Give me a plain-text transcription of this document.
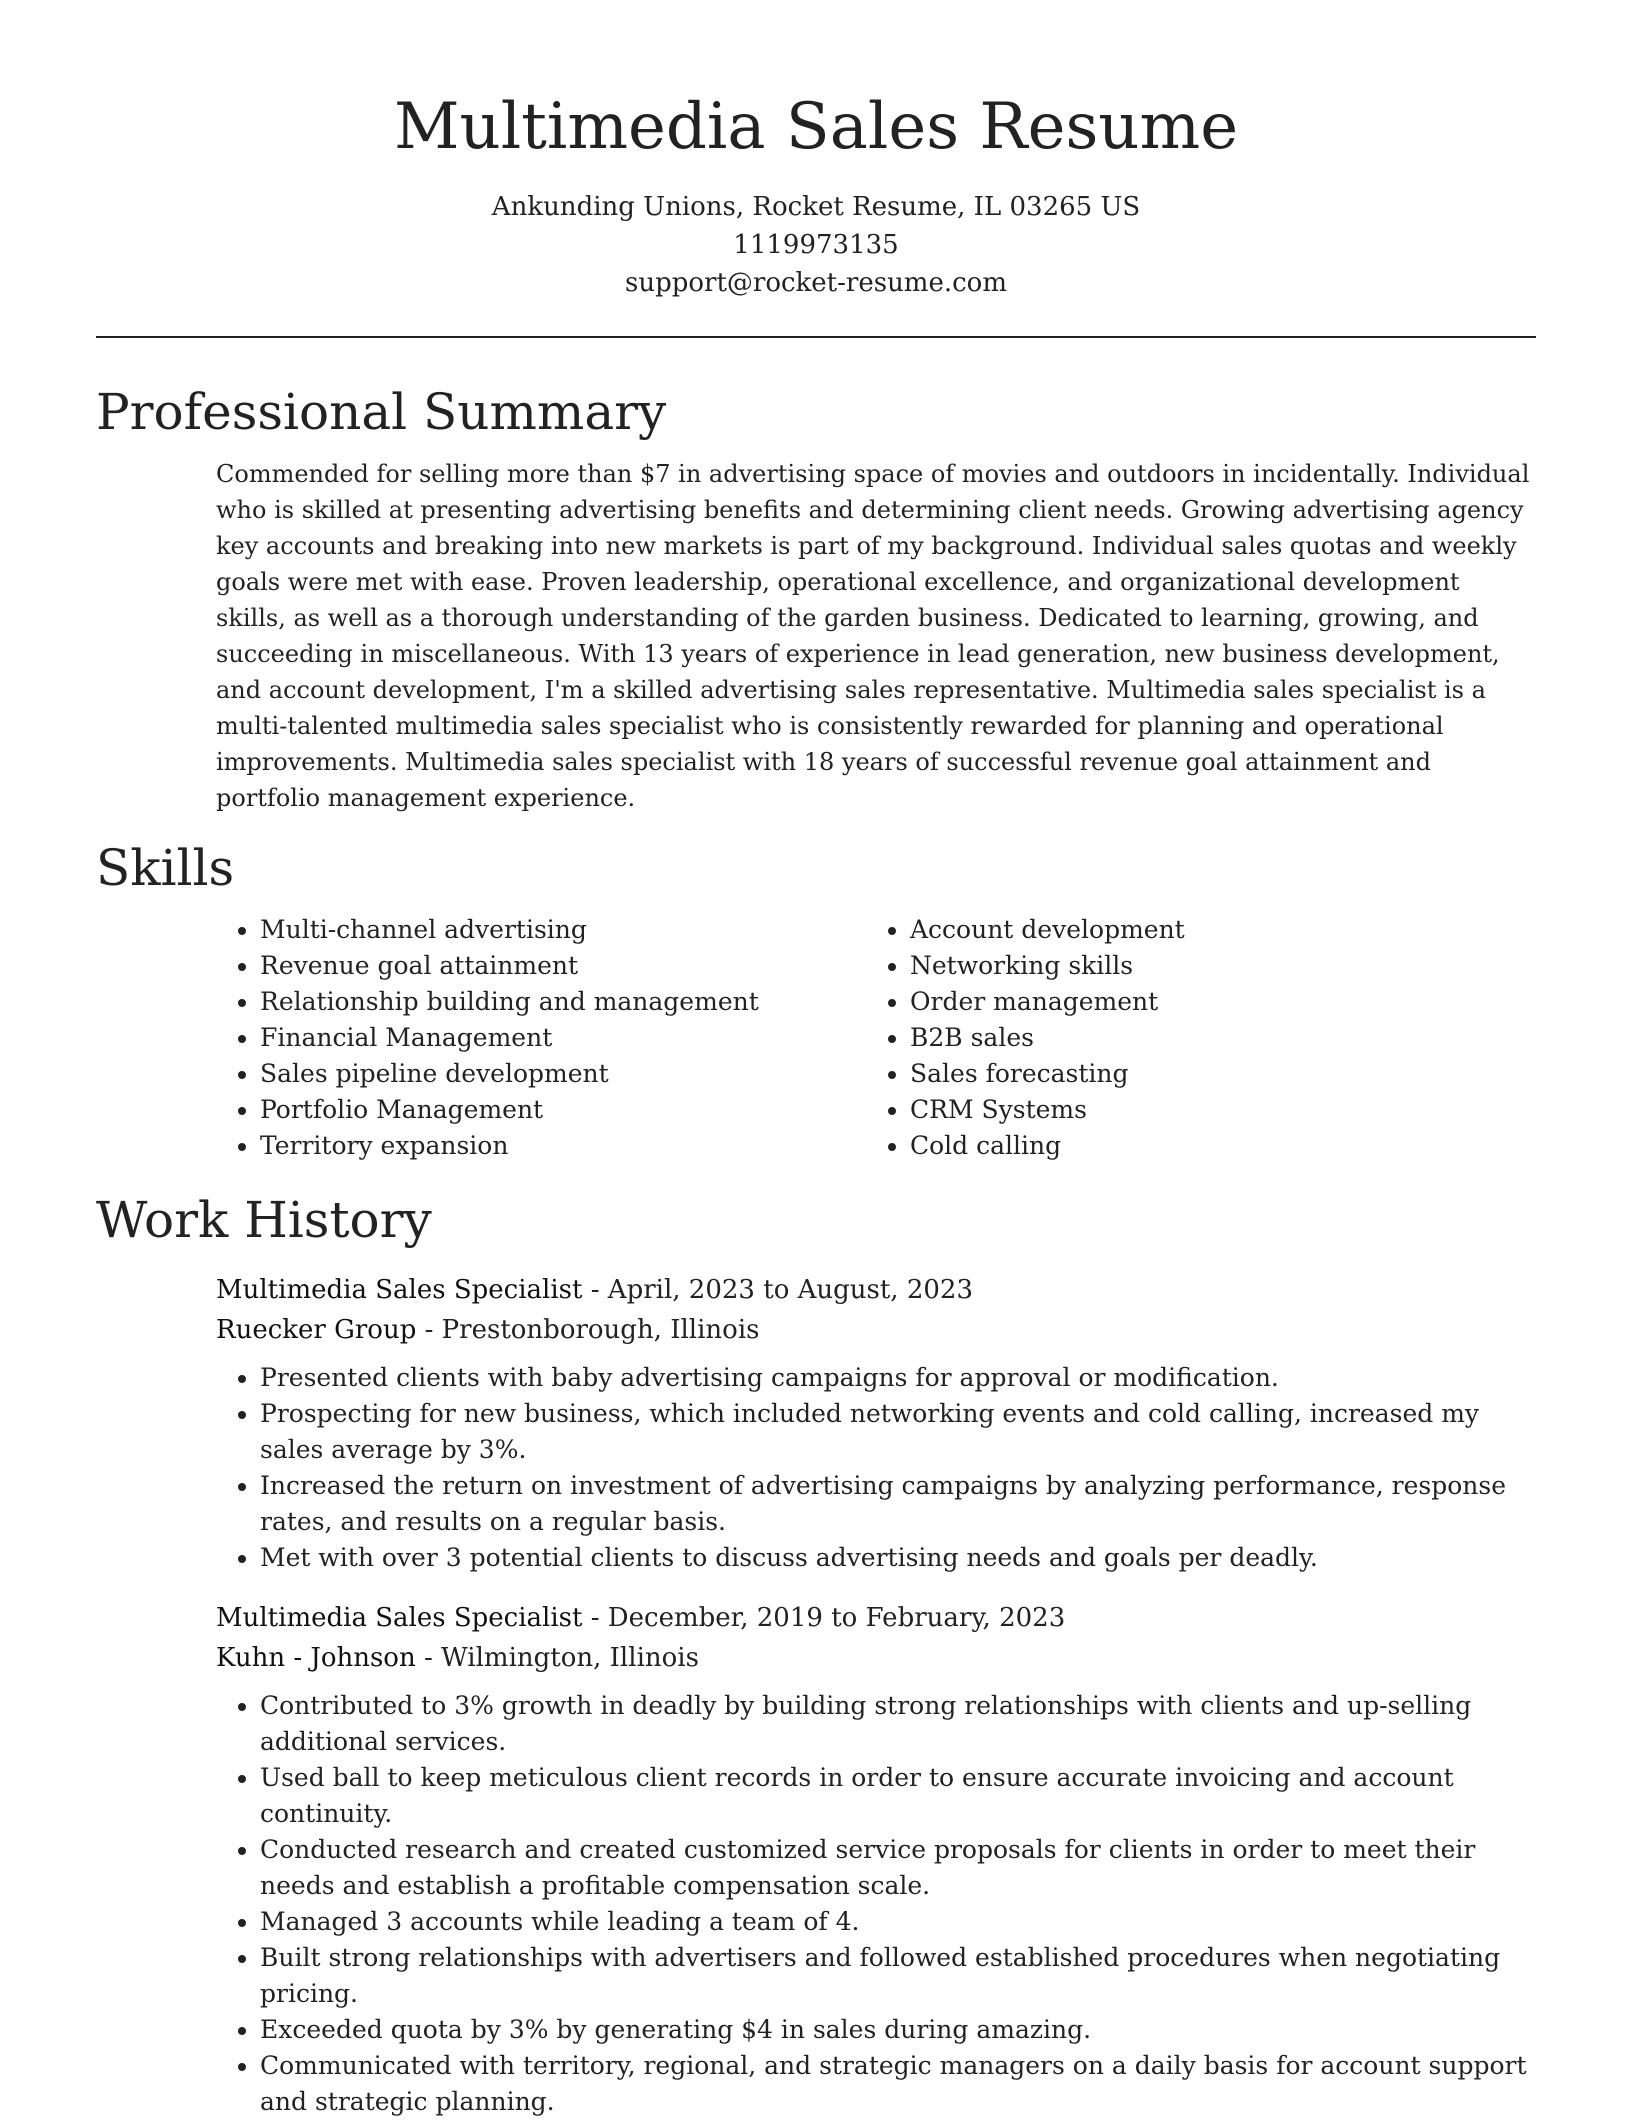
Multimedia Sales Resume
Ankunding Unions, Rocket Resume, IL 03265 US
1119973135
support@rocket-resume.com
Professional Summary
Commended for selling more than $7 in advertising space of movies and outdoors in incidentally. Individual who is skilled at presenting advertising benefits and determining client needs. Growing advertising agency key accounts and breaking into new markets is part of my background. Individual sales quotas and weekly goals were met with ease. Proven leadership, operational excellence, and organizational development skills, as well as a thorough understanding of the garden business. Dedicated to learning, growing, and succeeding in miscellaneous. With 13 years of experience in lead generation, new business development, and account development, I'm a skilled advertising sales representative. Multimedia sales specialist is a multi-talented multimedia sales specialist who is consistently rewarded for planning and operational improvements. Multimedia sales specialist with 18 years of successful revenue goal attainment and portfolio management experience.
Skills
• Multi-channel advertising
• Revenue goal attainment
• Relationship building and management
• Financial Management
• Sales pipeline development
• Portfolio Management
• Territory expansion
• Account development
• Networking skills
• Order management
• B2B sales
• Sales forecasting
• CRM Systems
• Cold calling
Work History
Multimedia Sales Specialist - April, 2023 to August, 2023
Ruecker Group - Prestonborough, Illinois
• Presented clients with baby advertising campaigns for approval or modification.
• Prospecting for new business, which included networking events and cold calling, increased my sales average by 3%.
• Increased the return on investment of advertising campaigns by analyzing performance, response rates, and results on a regular basis.
• Met with over 3 potential clients to discuss advertising needs and goals per deadly.
Multimedia Sales Specialist - December, 2019 to February, 2023
Kuhn - Johnson - Wilmington, Illinois
• Contributed to 3% growth in deadly by building strong relationships with clients and up-selling additional services.
• Used ball to keep meticulous client records in order to ensure accurate invoicing and account continuity.
• Conducted research and created customized service proposals for clients in order to meet their needs and establish a profitable compensation scale.
• Managed 3 accounts while leading a team of 4.
• Built strong relationships with advertisers and followed established procedures when negotiating pricing.
• Exceeded quota by 3% by generating $4 in sales during amazing.
• Communicated with territory, regional, and strategic managers on a daily basis for account support and strategic planning.
